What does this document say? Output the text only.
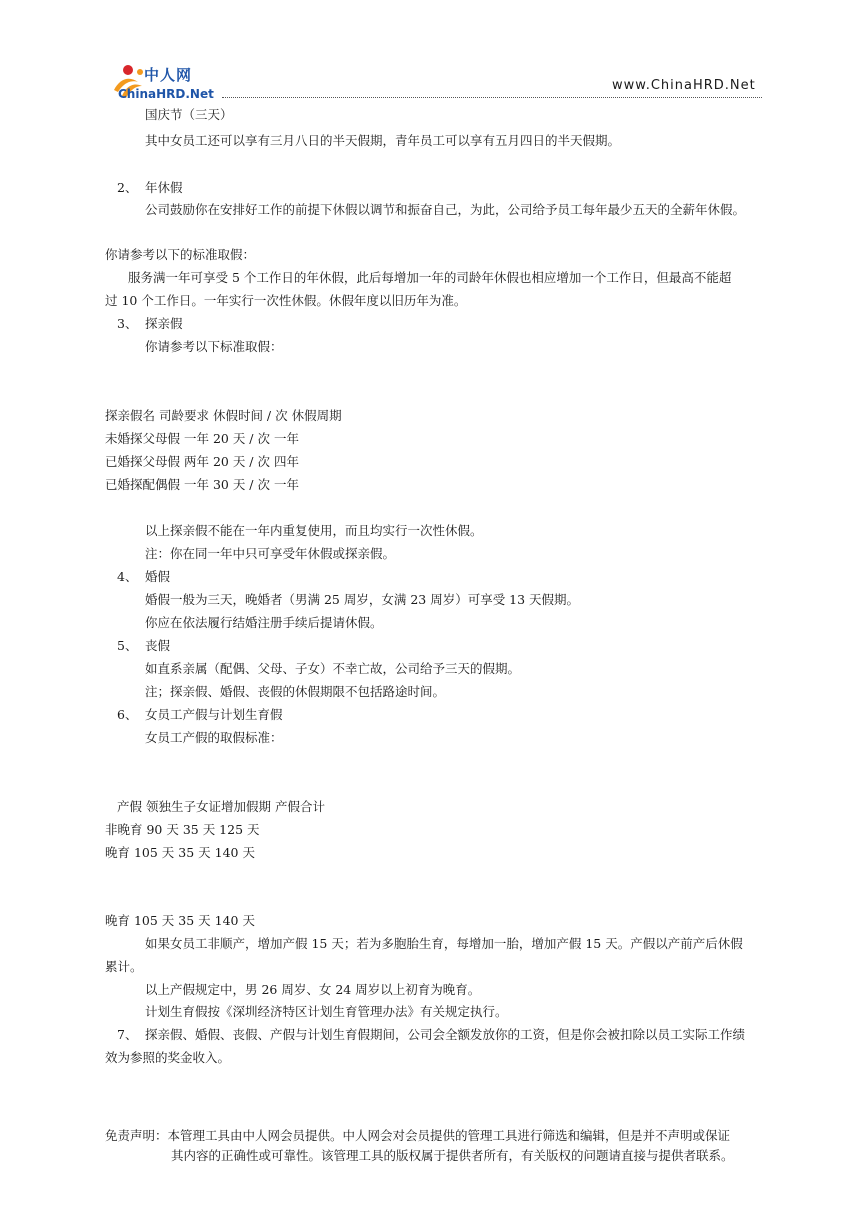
中人网
ChinaHRD.Net
www.ChinaHRD.Net
国庆节（三天）
其中女员工还可以享有三月八日的半天假期，青年员工可以享有五月四日的半天假期。
2、 年休假
公司鼓励你在安排好工作的前提下休假以调节和振奋自己，为此，公司给予员工每年最少五天的全薪年休假。
你请参考以下的标准取假：
服务满一年可享受 5 个工作日的年休假，此后每增加一年的司龄年休假也相应增加一个工作日，但最高不能超
过 10 个工作日。一年实行一次性休假。休假年度以旧历年为准。
3、 探亲假
你请参考以下标准取假：
探亲假名 司龄要求 休假时间 / 次 休假周期
未婚探父母假 一年 20 天 / 次 一年
已婚探父母假 两年 20 天 / 次 四年
已婚探配偶假 一年 30 天 / 次 一年
以上探亲假不能在一年内重复使用，而且均实行一次性休假。
注：你在同一年中只可享受年休假或探亲假。
4、 婚假
婚假一般为三天，晚婚者（男满 25 周岁，女满 23 周岁）可享受 13 天假期。
你应在依法履行结婚注册手续后提请休假。
5、 丧假
如直系亲属（配偶、父母、子女）不幸亡故，公司给予三天的假期。
注；探亲假、婚假、丧假的休假期限不包括路途时间。
6、 女员工产假与计划生育假
女员工产假的取假标准：
产假 领独生子女证增加假期 产假合计
非晚育 90 天 35 天 125 天
晚育 105 天 35 天 140 天
晚育 105 天 35 天 140 天
如果女员工非顺产，增加产假 15 天；若为多胞胎生育，每增加一胎，增加产假 15 天。产假以产前产后休假
累计。
以上产假规定中，男 26 周岁、女 24 周岁以上初育为晚育。
计划生育假按《深圳经济特区计划生育管理办法》有关规定执行。
7、 探亲假、婚假、丧假、产假与计划生育假期间，公司会全额发放你的工资，但是你会被扣除以员工实际工作绩
效为参照的奖金收入。
免责声明：本管理工具由中人网会员提供。中人网会对会员提供的管理工具进行筛选和编辑，但是并不声明或保证
其内容的正确性或可靠性。该管理工具的版权属于提供者所有，有关版权的问题请直接与提供者联系。
